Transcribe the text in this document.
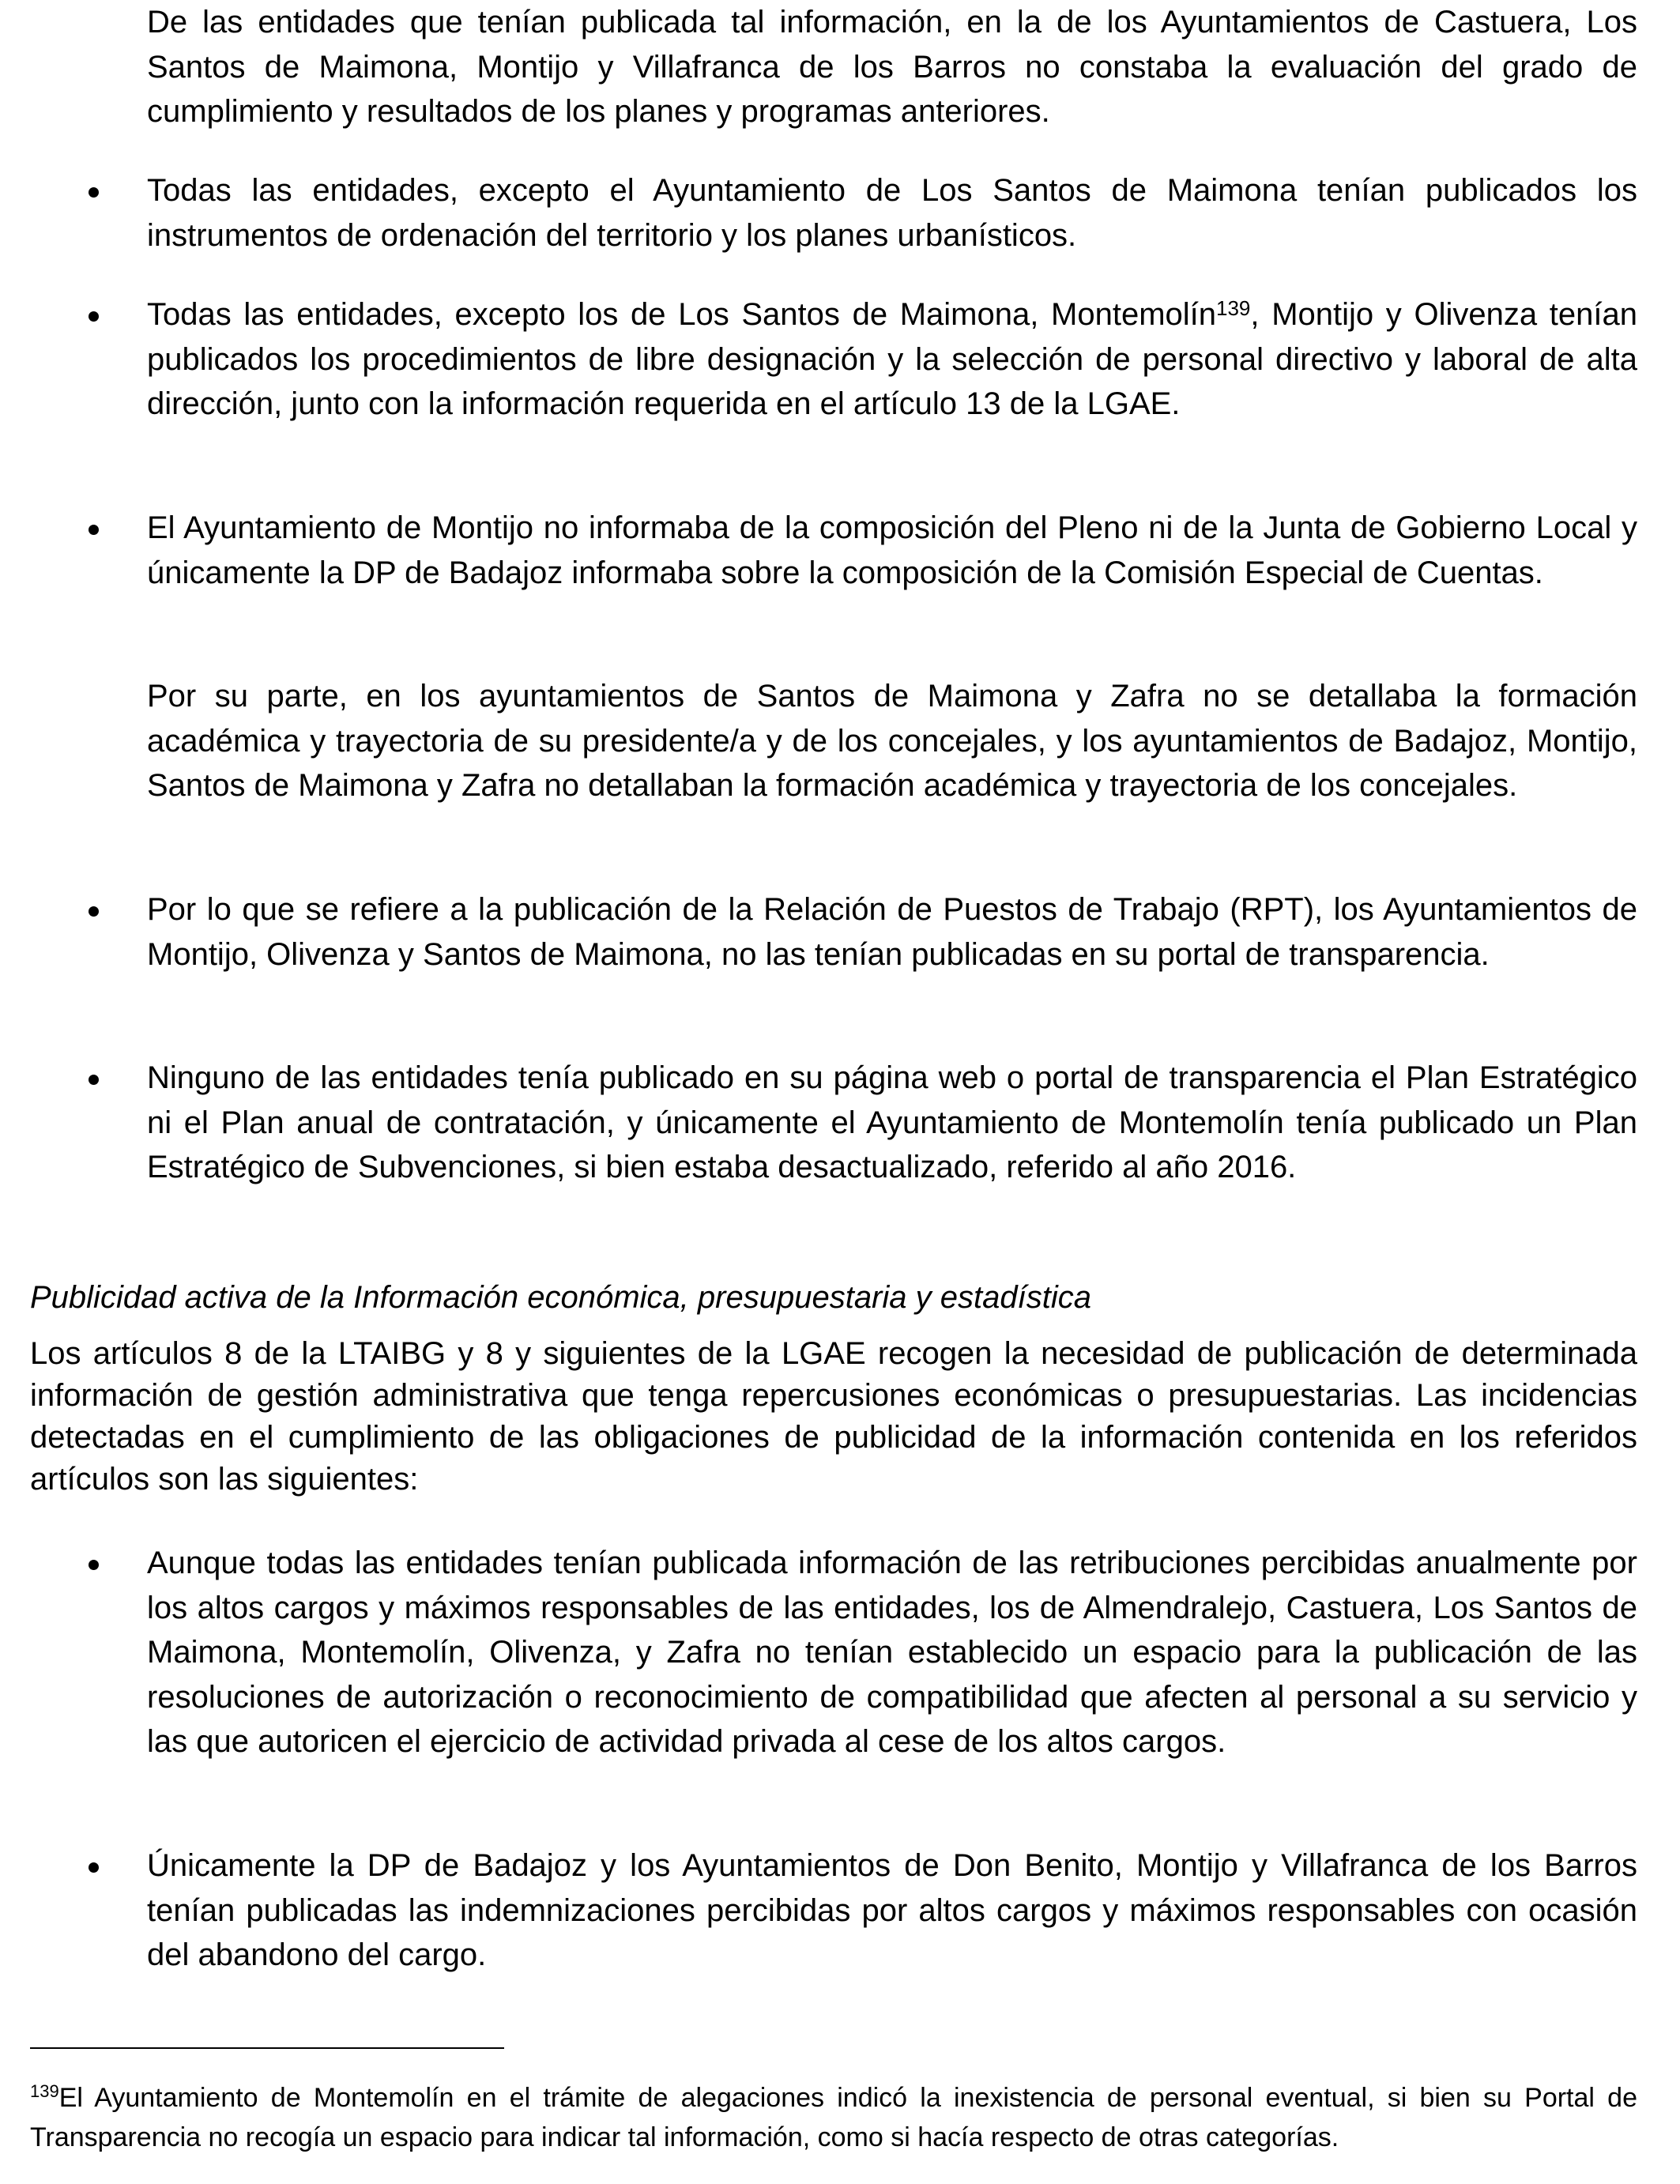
De las entidades que tenían publicada tal información, en la de los Ayuntamientos de Castuera, Los Santos de Maimona, Montijo y Villafranca de los Barros no constaba la evaluación del grado de cumplimiento y resultados de los planes y programas anteriores.

Todas las entidades, excepto el Ayuntamiento de Los Santos de Maimona tenían publicados los instrumentos de ordenación del territorio y los planes urbanísticos.

Todas las entidades, excepto los de Los Santos de Maimona, Montemolín$^{139}$, Montijo y Olivenza tenían publicados los procedimientos de libre designación y la selección de personal directivo y laboral de alta dirección, junto con la información requerida en el artículo 13 de la LGAE.

El Ayuntamiento de Montijo no informaba de la composición del Pleno ni de la Junta de Gobierno Local y únicamente la DP de Badajoz informaba sobre la composición de la Comisión Especial de Cuentas.

Por su parte, en los ayuntamientos de Santos de Maimona y Zafra no se detallaba la formación académica y trayectoria de su presidente/a y de los concejales, y los ayuntamientos de Badajoz, Montijo, Santos de Maimona y Zafra no detallaban la formación académica y trayectoria de los concejales.

Por lo que se refiere a la publicación de la Relación de Puestos de Trabajo (RPT), los Ayuntamientos de Montijo, Olivenza y Santos de Maimona, no las tenían publicadas en su portal de transparencia.

Ninguno de las entidades tenía publicado en su página web o portal de transparencia el Plan Estratégico ni el Plan anual de contratación, y únicamente el Ayuntamiento de Montemolín tenía publicado un Plan Estratégico de Subvenciones, si bien estaba desactualizado, referido al año 2016.

Publicidad activa de la Información económica, presupuestaria y estadística

Los artículos 8 de la LTAIBG y 8 y siguientes de la LGAE recogen la necesidad de publicación de determinada información de gestión administrativa que tenga repercusiones económicas o presupuestarias. Las incidencias detectadas en el cumplimiento de las obligaciones de publicidad de la información contenida en los referidos artículos son las siguientes:

Aunque todas las entidades tenían publicada información de las retribuciones percibidas anualmente por los altos cargos y máximos responsables de las entidades, los de Almendralejo, Castuera, Los Santos de Maimona, Montemolín, Olivenza, y Zafra no tenían establecido un espacio para la publicación de las resoluciones de autorización o reconocimiento de compatibilidad que afecten al personal a su servicio y las que autoricen el ejercicio de actividad privada al cese de los altos cargos.

Únicamente la DP de Badajoz y los Ayuntamientos de Don Benito, Montijo y Villafranca de los Barros tenían publicadas las indemnizaciones percibidas por altos cargos y máximos responsables con ocasión del abandono del cargo.

$^{139}$El Ayuntamiento de Montemolín en el trámite de alegaciones indicó la inexistencia de personal eventual, si bien su Portal de Transparencia no recogía un espacio para indicar tal información, como si hacía respecto de otras categorías.
